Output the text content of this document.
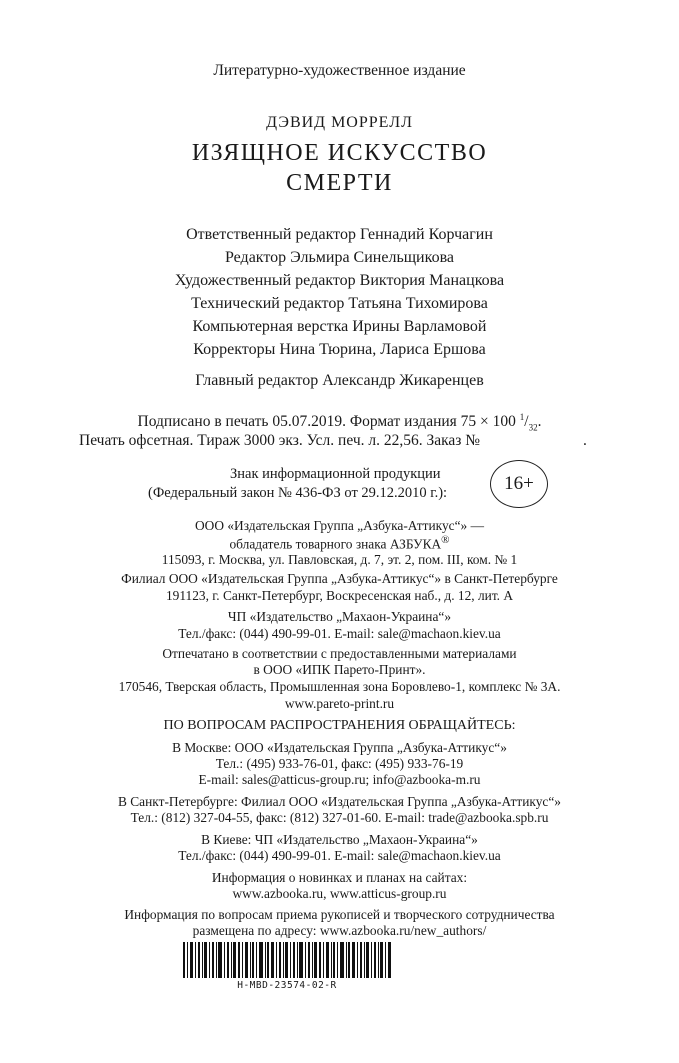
Литературно-художественное издание
ДЭВИД МОРРЕЛЛ
ИЗЯЩНОЕ ИСКУССТВО
СМЕРТИ
Ответственный редактор Геннадий Корчагин
Редактор Эльмира Синельщикова
Художественный редактор Виктория Манацкова
Технический редактор Татьяна Тихомирова
Компьютерная верстка Ирины Варламовой
Корректоры Нина Тюрина, Лариса Ершова
Главный редактор Александр Жикаренцев
Подписано в печать 05.07.2019. Формат издания 75 × 100 $^1/_{32}$.
Печать офсетная. Тираж 3000 экз. Усл. печ. л. 22,56. Заказ №	.
Знак информационной продукции
(Федеральный закон № 436-ФЗ от 29.12.2010 г.):	16+
ООО «Издательская Группа „Азбука-Аттикус“» —
обладатель товарного знака АЗБУКА®
115093, г. Москва, ул. Павловская, д. 7, эт. 2, пом. III, ком. № 1
Филиал ООО «Издательская Группа „Азбука-Аттикус“» в Санкт-Петербурге
191123, г. Санкт-Петербург, Воскресенская наб., д. 12, лит. А
ЧП «Издательство „Махаон-Украина“»
Тел./факс: (044) 490-99-01. E-mail: sale@machaon.kiev.ua
Отпечатано в соответствии с предоставленными материалами
в ООО «ИПК Парето-Принт».
170546, Тверская область, Промышленная зона Боровлево-1, комплекс № 3А.
www.pareto-print.ru
ПО ВОПРОСАМ РАСПРОСТРАНЕНИЯ ОБРАЩАЙТЕСЬ:
В Москве: ООО «Издательская Группа „Азбука-Аттикус“»
Тел.: (495) 933-76-01, факс: (495) 933-76-19
E-mail: sales@atticus-group.ru; info@azbooka-m.ru
В Санкт-Петербурге: Филиал ООО «Издательская Группа „Азбука-Аттикус“»
Тел.: (812) 327-04-55, факс: (812) 327-01-60. E-mail: trade@azbooka.spb.ru
В Киеве: ЧП «Издательство „Махаон-Украина“»
Тел./факс: (044) 490-99-01. E-mail: sale@machaon.kiev.ua
Информация о новинках и планах на сайтах:
www.azbooka.ru, www.atticus-group.ru
Информация по вопросам приема рукописей и творческого сотрудничества
размещена по адресу: www.azbooka.ru/new_authors/
H-MBD-23574-02-R
